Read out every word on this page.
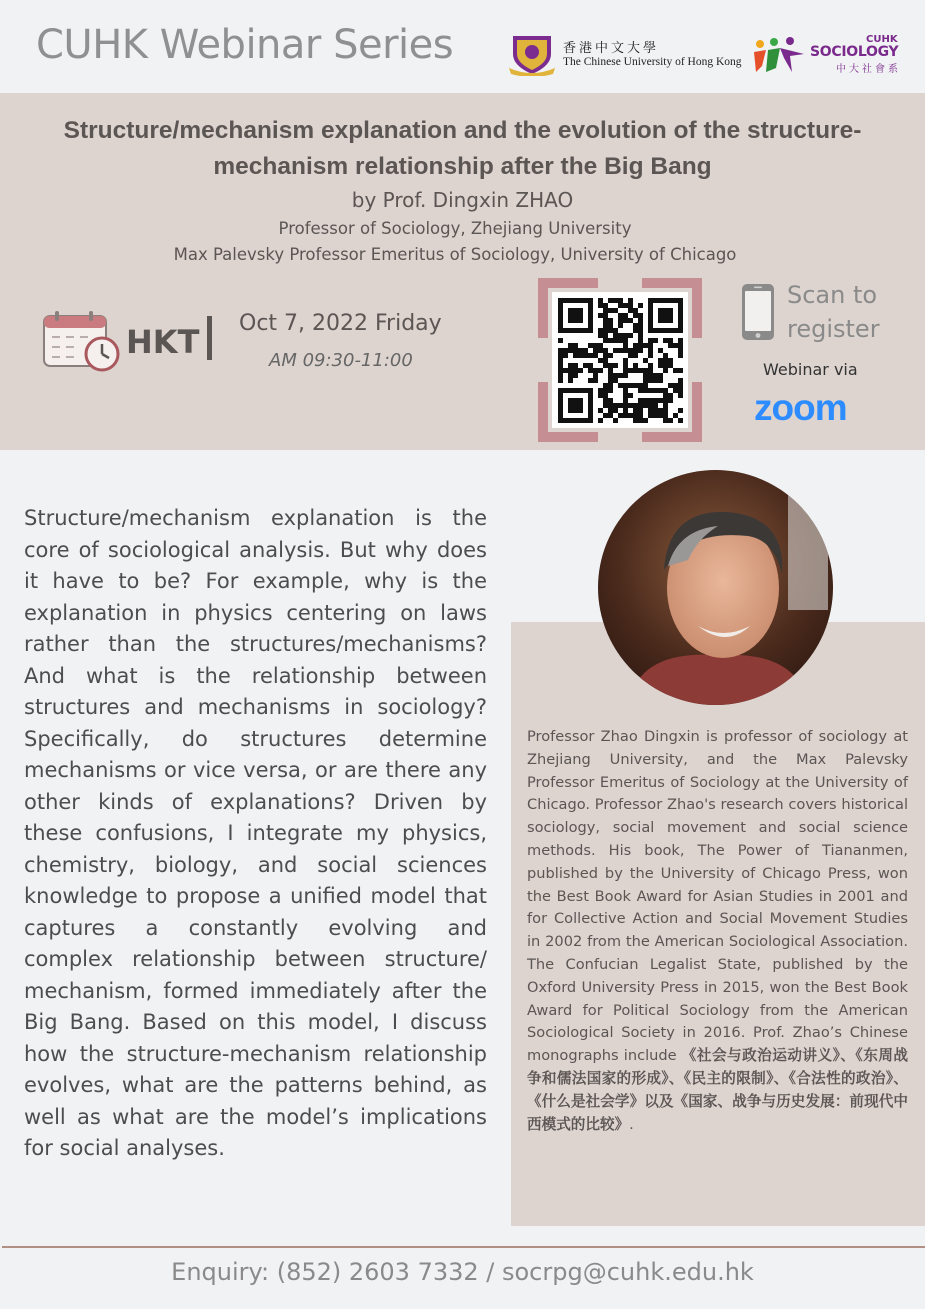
CUHK Webinar Series	香港中文大學
The Chinese University of Hong Kong
CUHK
SOCIOLOGY
中大社會系
Structure/mechanism explanation and the evolution of the structure-mechanism relationship after the Big Bang
by Prof. Dingxin ZHAO
Professor of Sociology, Zhejiang University
Max Palevsky Professor Emeritus of Sociology, University of Chicago
HKT Oct 7, 2022 Friday
AM 09:30-11:00
Scan to register
Webinar via
zoom
Structure/mechanism explanation is the core of sociological analysis. But why does it have to be? For example, why is the explanation in physics centering on laws rather than the structures/mechanisms? And what is the relationship between structures and mechanisms in sociology? Specifically, do structures determine mechanisms or vice versa, or are there any other kinds of explanations? Driven by these confusions, I integrate my physics, chemistry, biology, and social sciences knowledge to propose a unified model that captures a constantly evolving and complex relationship between structure/ mechanism, formed immediately after the Big Bang. Based on this model, I discuss how the structure-mechanism relationship evolves, what are the patterns behind, as well as what are the model’s implications for social analyses.
Professor Zhao Dingxin is professor of sociology at Zhejiang University, and the Max Palevsky Professor Emeritus of Sociology at the University of Chicago. Professor Zhao's research covers historical sociology, social movement and social science methods. His book, The Power of Tiananmen, published by the University of Chicago Press, won the Best Book Award for Asian Studies in 2001 and for Collective Action and Social Movement Studies in 2002 from the American Sociological Association. The Confucian Legalist State, published by the Oxford University Press in 2015, won the Best Book Award for Political Sociology from the American Sociological Society in 2016. Prof. Zhao’s Chinese monographs include 《社会与政治运动讲义》、《东周战争和儒法国家的形成》、《民主的限制》、《合法性的政治》、《什么是社会学》以及《国家、战争与历史发展：前现代中西模式的比较》.
Enquiry: (852) 2603 7332 / socrpg@cuhk.edu.hk
